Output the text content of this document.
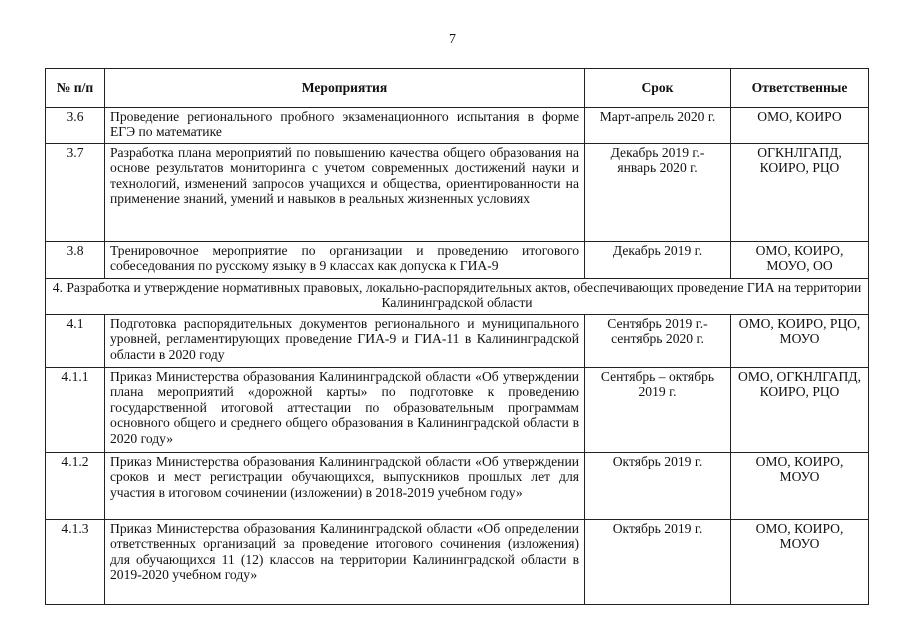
7
№ п/п	Мероприятия	Срок	Ответственные
3.6	Проведение регионального пробного экзаменационного испытания в форме ЕГЭ по математике	Март-апрель 2020 г.	ОМО, КОИРО
3.7	Разработка плана мероприятий по повышению качества общего образования на основе результатов мониторинга с учетом современных достижений науки и технологий, изменений запросов учащихся и общества, ориентированности на применение знаний, умений и навыков в реальных жизненных условиях	Декабрь 2019 г.- январь 2020 г.	ОГКНЛГАПД, КОИРО, РЦО
3.8	Тренировочное мероприятие по организации и проведению итогового собеседования по русскому языку в 9 классах как допуска к ГИА-9	Декабрь 2019 г.	ОМО, КОИРО, МОУО, ОО
4. Разработка и утверждение нормативных правовых, локально-распорядительных актов, обеспечивающих проведение ГИА на территории Калининградской области			
4.1	Подготовка распорядительных документов регионального и муниципального уровней, регламентирующих проведение ГИА-9 и ГИА-11 в Калининградской области в 2020 году	Сентябрь 2019 г.- сентябрь 2020 г.	ОМО, КОИРО, РЦО, МОУО
4.1.1	Приказ Министерства образования Калининградской области «Об утверждении плана мероприятий «дорожной карты» по подготовке к проведению государственной итоговой аттестации по образовательным программам основного общего и среднего общего образования в Калининградской области в 2020 году»	Сентябрь – октябрь 2019 г.	ОМО, ОГКНЛГАПД, КОИРО, РЦО
4.1.2	Приказ Министерства образования Калининградской области «Об утверждении сроков и мест регистрации обучающихся, выпускников прошлых лет для участия в итоговом сочинении (изложении) в 2018-2019 учебном году»	Октябрь 2019 г.	ОМО, КОИРО, МОУО
4.1.3	Приказ Министерства образования Калининградской области «Об определении ответственных организаций за проведение итогового сочинения (изложения) для обучающихся 11 (12) классов на территории Калининградской области в 2019-2020 учебном году»	Октябрь 2019 г.	ОМО, КОИРО, МОУО
